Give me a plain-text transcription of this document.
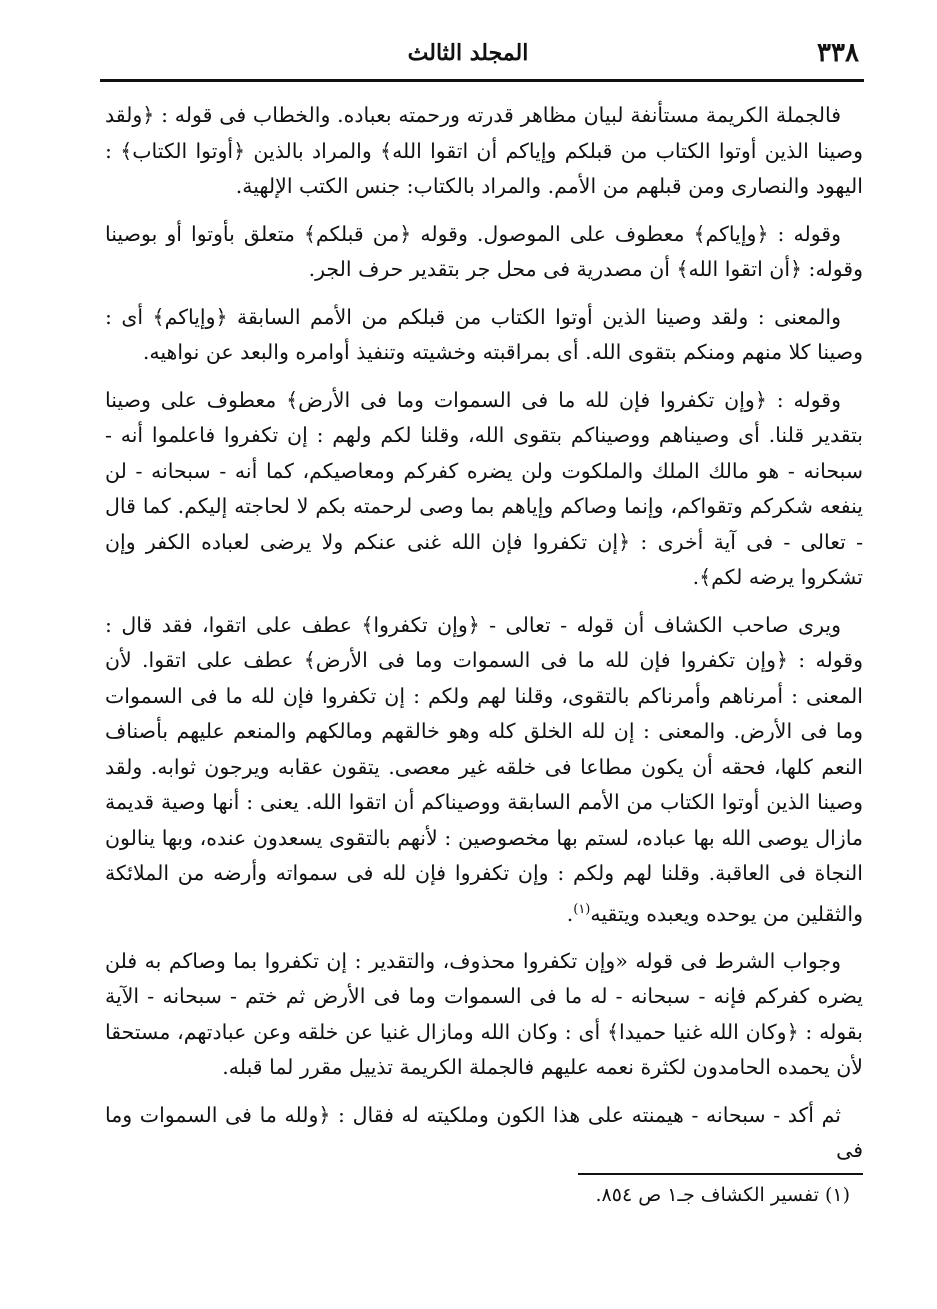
٣٣٨
المجلد الثالث

فالجملة الكريمة مستأنفة لبيان مظاهر قدرته ورحمته بعباده. والخطاب فى قوله : ﴿ولقد وصينا الذين أوتوا الكتاب من قبلكم وإياكم أن اتقوا الله﴾ والمراد بالذين ﴿أوتوا الكتاب﴾ : اليهود والنصارى ومن قبلهم من الأمم. والمراد بالكتاب: جنس الكتب الإلهية.

وقوله : ﴿وإياكم﴾ معطوف على الموصول. وقوله ﴿من قبلكم﴾ متعلق بأوتوا أو بوصينا وقوله: ﴿أن اتقوا الله﴾ أن مصدرية فى محل جر بتقدير حرف الجر.

والمعنى : ولقد وصينا الذين أوتوا الكتاب من قبلكم من الأمم السابقة ﴿وإياكم﴾ أى : وصينا كلا منهم ومنكم بتقوى الله. أى بمراقبته وخشيته وتنفيذ أوامره والبعد عن نواهيه.

وقوله : ﴿وإن تكفروا فإن لله ما فى السموات وما فى الأرض﴾ معطوف على وصينا بتقدير قلنا. أى وصيناهم ووصيناكم بتقوى الله، وقلنا لكم ولهم : إن تكفروا فاعلموا أنه - سبحانه - هو مالك الملك والملكوت ولن يضره كفركم ومعاصيكم، كما أنه - سبحانه - لن ينفعه شكركم وتقواكم، وإنما وصاكم وإياهم بما وصى لرحمته بكم لا لحاجته إليكم. كما قال - تعالى - فى آية أخرى : ﴿إن تكفروا فإن الله غنى عنكم ولا يرضى لعباده الكفر وإن تشكروا يرضه لكم﴾.

ويرى صاحب الكشاف أن قوله - تعالى - ﴿وإن تكفروا﴾ عطف على اتقوا، فقد قال : وقوله : ﴿وإن تكفروا فإن لله ما فى السموات وما فى الأرض﴾ عطف على اتقوا. لأن المعنى : أمرناهم وأمرناكم بالتقوى، وقلنا لهم ولكم : إن تكفروا فإن لله ما فى السموات وما فى الأرض. والمعنى : إن لله الخلق كله وهو خالقهم ومالكهم والمنعم عليهم بأصناف النعم كلها، فحقه أن يكون مطاعا فى خلقه غير معصى. يتقون عقابه ويرجون ثوابه. ولقد وصينا الذين أوتوا الكتاب من الأمم السابقة ووصيناكم أن اتقوا الله. يعنى : أنها وصية قديمة مازال يوصى الله بها عباده، لستم بها مخصوصين : لأنهم بالتقوى يسعدون عنده، وبها ينالون النجاة فى العاقبة. وقلنا لهم ولكم : وإن تكفروا فإن لله فى سمواته وأرضه من الملائكة والثقلين من يوحده ويعبده ويتقيه$^{(١)}$.

وجواب الشرط فى قوله «وإن تكفروا محذوف، والتقدير : إن تكفروا بما وصاكم به فلن يضره كفركم فإنه - سبحانه - له ما فى السموات وما فى الأرض ثم ختم - سبحانه - الآية بقوله : ﴿وكان الله غنيا حميدا﴾ أى : وكان الله ومازال غنيا عن خلقه وعن عبادتهم، مستحقا لأن يحمده الحامدون لكثرة نعمه عليهم فالجملة الكريمة تذييل مقرر لما قبله.

ثم أكد - سبحانه - هيمنته على هذا الكون وملكيته له فقال : ﴿ولله ما فى السموات وما فى

(١) تفسير الكشاف جـ١ ص ٨٥٤.
